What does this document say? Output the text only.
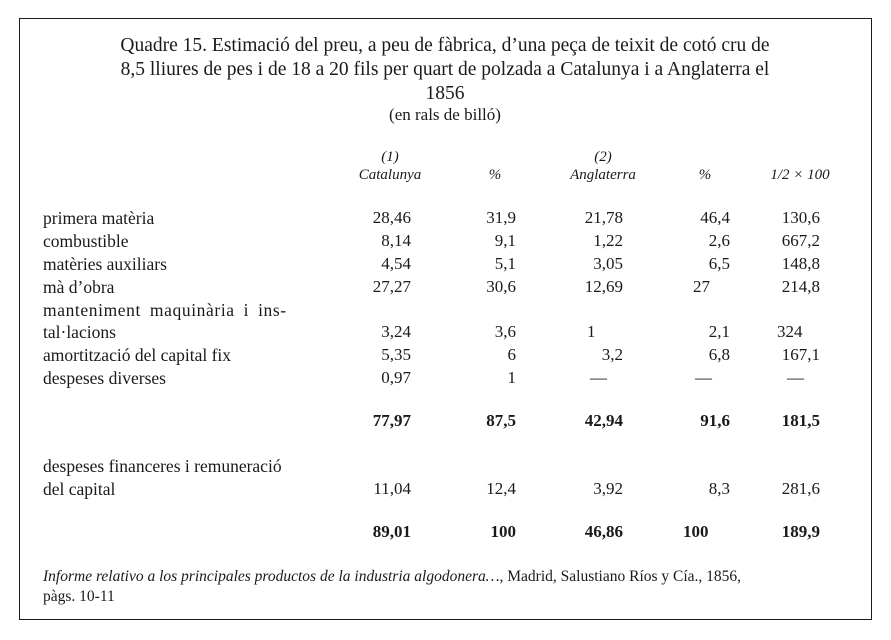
Quadre 15. Estimació del preu, a peu de fàbrica, d’una peça de teixit de cotó cru de
8,5 lliures de pes i de 18 a 20 fils per quart de polzada a Catalunya i a Anglaterra el
1856
(en rals de billó)
(1)
Catalunya	%
(2)
Anglaterra	%	1/2 × 100
primera matèria	28,46	31,9	21,78	46,4	130,6
combustible	8,14	9,1	1,22	2,6	667,2
matèries auxiliars	4,54	5,1	3,05	6,5	148,8
mà d’obra	27,27	30,6	12,69	27	214,8
manteniment maquinària i ins-
tal·lacions	3,24	3,6	1	2,1	324
amortització del capital fix	5,35	6	3,2	6,8	167,1
despeses diverses	0,97	1	—	—	—
77,97	87,5	42,94	91,6	181,5
despeses financeres i remuneració
del capital	11,04	12,4	3,92	8,3	281,6
89,01	100	46,86	100	189,9
Informe relativo a los principales productos de la industria algodonera…, Madrid, Salustiano Ríos y Cía., 1856,
pàgs. 10-11
